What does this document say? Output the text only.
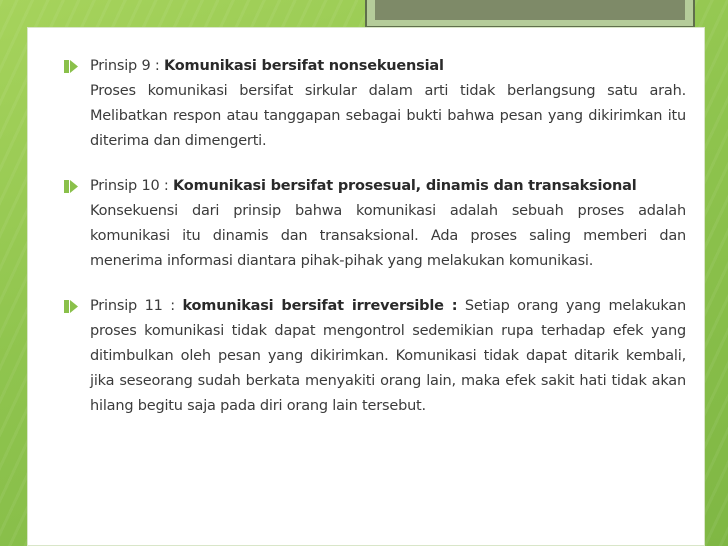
Prinsip 9 : Komunikasi bersifat nonsekuensial
Proses komunikasi bersifat sirkular dalam arti tidak berlangsung satu arah. Melibatkan respon atau tanggapan sebagai bukti bahwa pesan yang dikirimkan itu diterima dan dimengerti.
Prinsip 10 : Komunikasi bersifat prosesual, dinamis dan transaksional
Konsekuensi dari prinsip bahwa komunikasi adalah sebuah proses adalah komunikasi itu dinamis dan transaksional. Ada proses saling memberi dan menerima informasi diantara pihak-pihak yang melakukan komunikasi.
Prinsip 11 : komunikasi bersifat irreversible : Setiap orang yang melakukan proses komunikasi tidak dapat mengontrol sedemikian rupa terhadap efek yang ditimbulkan oleh pesan yang dikirimkan. Komunikasi tidak dapat ditarik kembali, jika seseorang sudah berkata menyakiti orang lain, maka efek sakit hati tidak akan hilang begitu saja pada diri orang lain tersebut.
